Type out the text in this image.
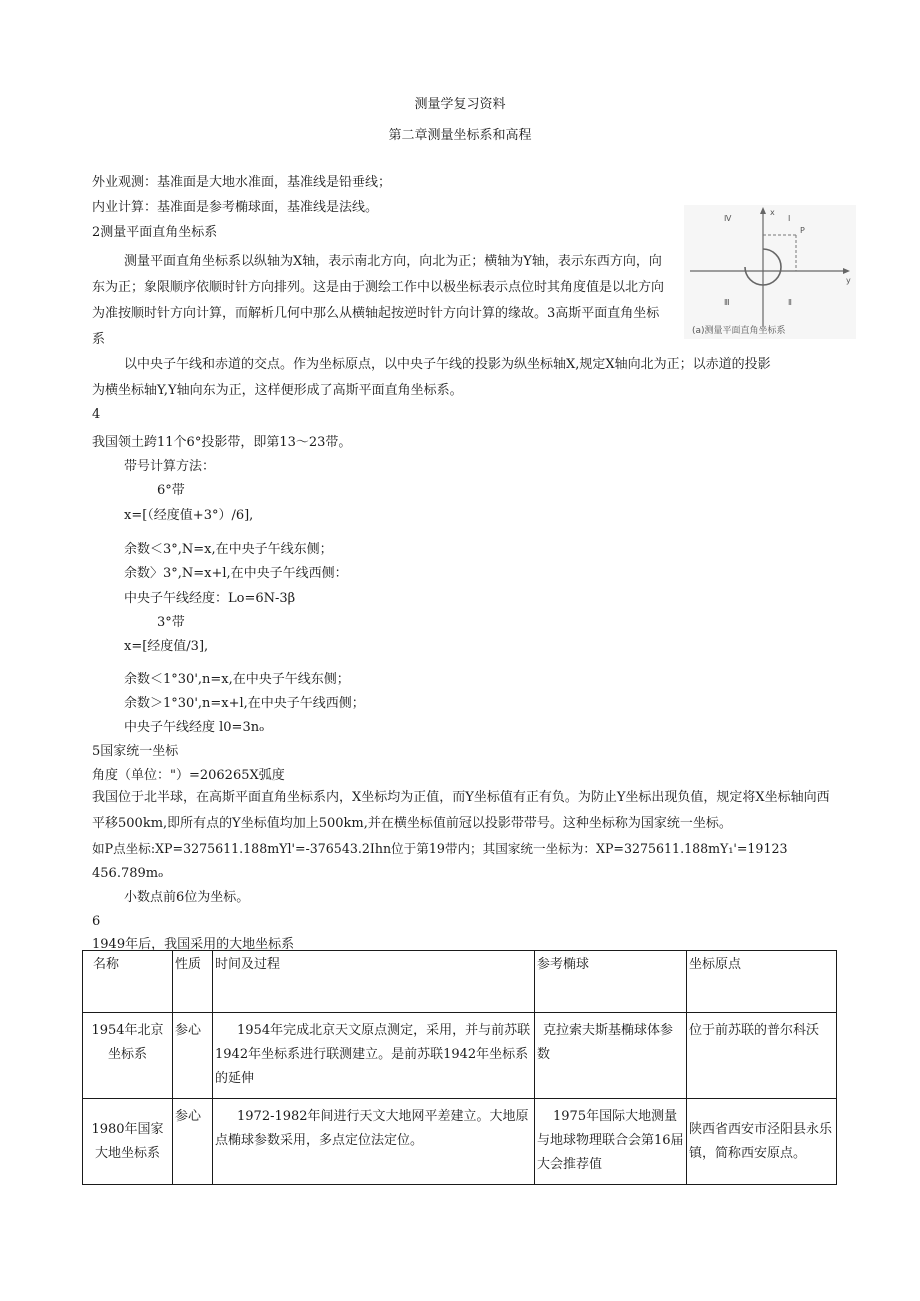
测量学复习资料
第二章测量坐标系和高程
外业观测：基准面是大地水准面，基准线是铅垂线；
内业计算：基准面是参考椭球面，基准线是法线。
2测量平面直角坐标系
测量平面直角坐标系以纵轴为X轴，表示南北方向，向北为正；横轴为Y轴，表示东西方向，向东为正；象限顺序依顺时针方向排列。这是由于测绘工作中以极坐标表示点位时其角度值是以北方向为准按顺时针方向计算，而解析几何中那么从横轴起按逆时针方向计算的缘故。3高斯平面直角坐标系
x
y
P
Ⅳ	Ⅰ
Ⅲ	Ⅱ
(a)测量平面直角坐标系
以中央子午线和赤道的交点。作为坐标原点，以中央子午线的投影为纵坐标轴X,规定X轴向北为正；以赤道的投影为横坐标轴Y,Y轴向东为正，这样便形成了高斯平面直角坐标系。
4
我国领土跨11个6°投影带，即第13～23带。
带号计算方法：
6°带
x=[（经度值+3°）/6],
余数＜3°,N=x,在中央子午线东侧；
余数〉3°,N=x+l,在中央子午线西侧：
中央子午线经度：Lo=6N-3β
3°带
x=[经度值/3],
余数＜1°30',n=x,在中央子午线东侧；
余数＞1°30',n=x+l,在中央子午线西侧；
中央子午线经度 l0=3nₒ
5国家统一坐标
角度（单位："）=206265X弧度
我国位于北半球，在高斯平面直角坐标系内，X坐标均为正值，而Y坐标值有正有负。为防止Y坐标出现负值，规定将X坐标轴向西平移500km,即所有点的Y坐标值均加上500km,并在横坐标值前冠以投影带带号。这种坐标称为国家统一坐标。
如P点坐标:XP=3275611.188mYl'=-376543.2Ihn位于第19带内；其国家统一坐标为：XP=3275611.188mY₁'=19123
456.789mₒ
小数点前6位为坐标。
6
1949年后，我国采用的大地坐标系
名称	性质	时间及过程	参考椭球	坐标原点
1954年北京坐标系	参心	1954年完成北京天文原点测定，采用，并与前苏联1942年坐标系进行联测建立。是前苏联1942年坐标系的延伸	克拉索夫斯基椭球体参数	位于前苏联的普尔科沃
1980年国家大地坐标系	参心	1972-1982年间进行天文大地网平差建立。大地原点椭球参数采用，多点定位法定位。	1975年国际大地测量与地球物理联合会第16届大会推荐值	陕西省西安市泾阳县永乐镇，简称西安原点。
